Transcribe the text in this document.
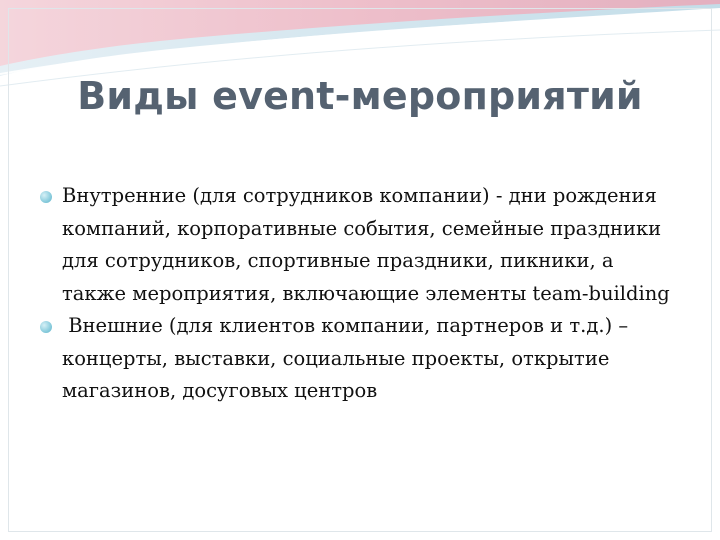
Виды event-мероприятий
Внутренние (для сотрудников компании) - дни рождения компаний, корпоративные события, семейные праздники для сотрудников, спортивные праздники, пикники, а также мероприятия, включающие элементы team-building
Внешние (для клиентов компании, партнеров и т.д.) – концерты, выставки, социальные проекты, открытие магазинов, досуговых центров
